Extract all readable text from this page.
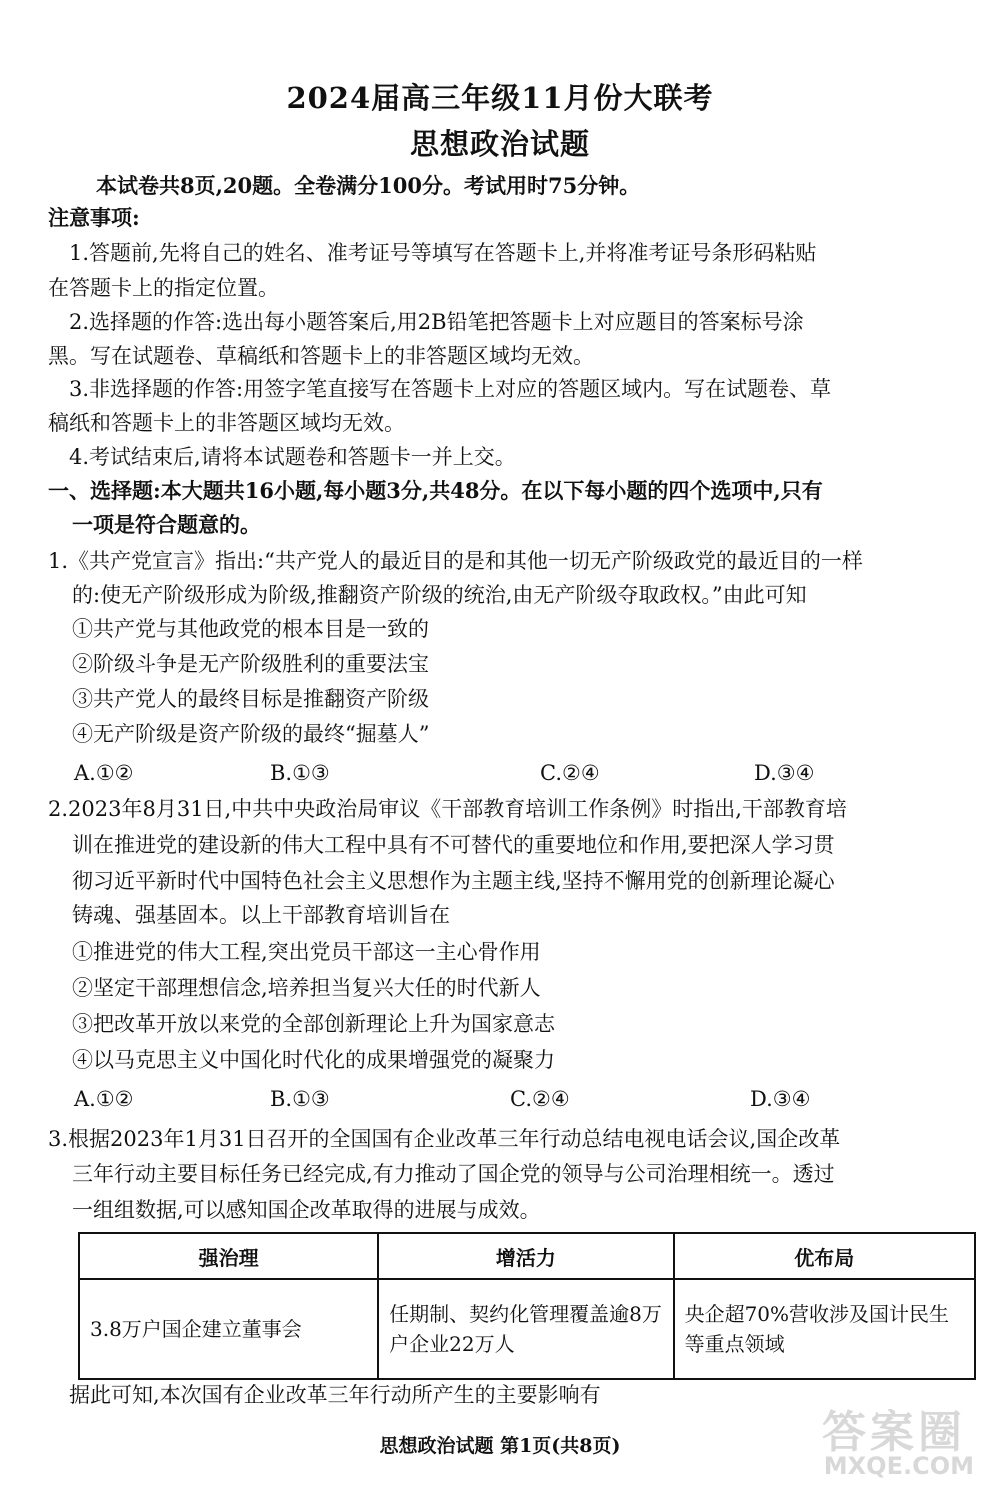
2024届高三年级11月份大联考
思想政治试题
本试卷共8页,20题。全卷满分100分。考试用时75分钟。
注意事项:
　1.答题前,先将自己的姓名、准考证号等填写在答题卡上,并将准考证号条形码粘贴
在答题卡上的指定位置。
　2.选择题的作答:选出每小题答案后,用2B铅笔把答题卡上对应题目的答案标号涂
黑。写在试题卷、草稿纸和答题卡上的非答题区域均无效。
　3.非选择题的作答:用签字笔直接写在答题卡上对应的答题区域内。写在试题卷、草
稿纸和答题卡上的非答题区域均无效。
　4.考试结束后,请将本试题卷和答题卡一并上交。
一、选择题:本大题共16小题,每小题3分,共48分。在以下每小题的四个选项中,只有
一项是符合题意的。
1.《共产党宣言》指出:“共产党人的最近目的是和其他一切无产阶级政党的最近目的一样
的:使无产阶级形成为阶级,推翻资产阶级的统治,由无产阶级夺取政权。”由此可知
①共产党与其他政党的根本目是一致的
②阶级斗争是无产阶级胜利的重要法宝
③共产党人的最终目标是推翻资产阶级
④无产阶级是资产阶级的最终“掘墓人”
A.①②	B.①③	C.②④	D.③④
2.2023年8月31日,中共中央政治局审议《干部教育培训工作条例》时指出,干部教育培
训在推进党的建设新的伟大工程中具有不可替代的重要地位和作用,要把深人学习贯
彻习近平新时代中国特色社会主义思想作为主题主线,坚持不懈用党的创新理论凝心
铸魂、强基固本。以上干部教育培训旨在
①推进党的伟大工程,突出党员干部这一主心骨作用
②坚定干部理想信念,培养担当复兴大任的时代新人
③把改革开放以来党的全部创新理论上升为国家意志
④以马克思主义中国化时代化的成果增强党的凝聚力
A.①②	B.①③	C.②④	D.③④
3.根据2023年1月31日召开的全国国有企业改革三年行动总结电视电话会议,国企改革
三年行动主要目标任务已经完成,有力推动了国企党的领导与公司治理相统一。透过
一组组数据,可以感知国企改革取得的进展与成效。
强治理	增活力	优布局
3.8万户国企建立董事会	任期制、契约化管理覆盖逾8万户企业22万人	央企超70%营收涉及国计民生等重点领域
　据此可知,本次国有企业改革三年行动所产生的主要影响有
思想政治试题 第1页(共8页)	答案圈
MXQE.COM
